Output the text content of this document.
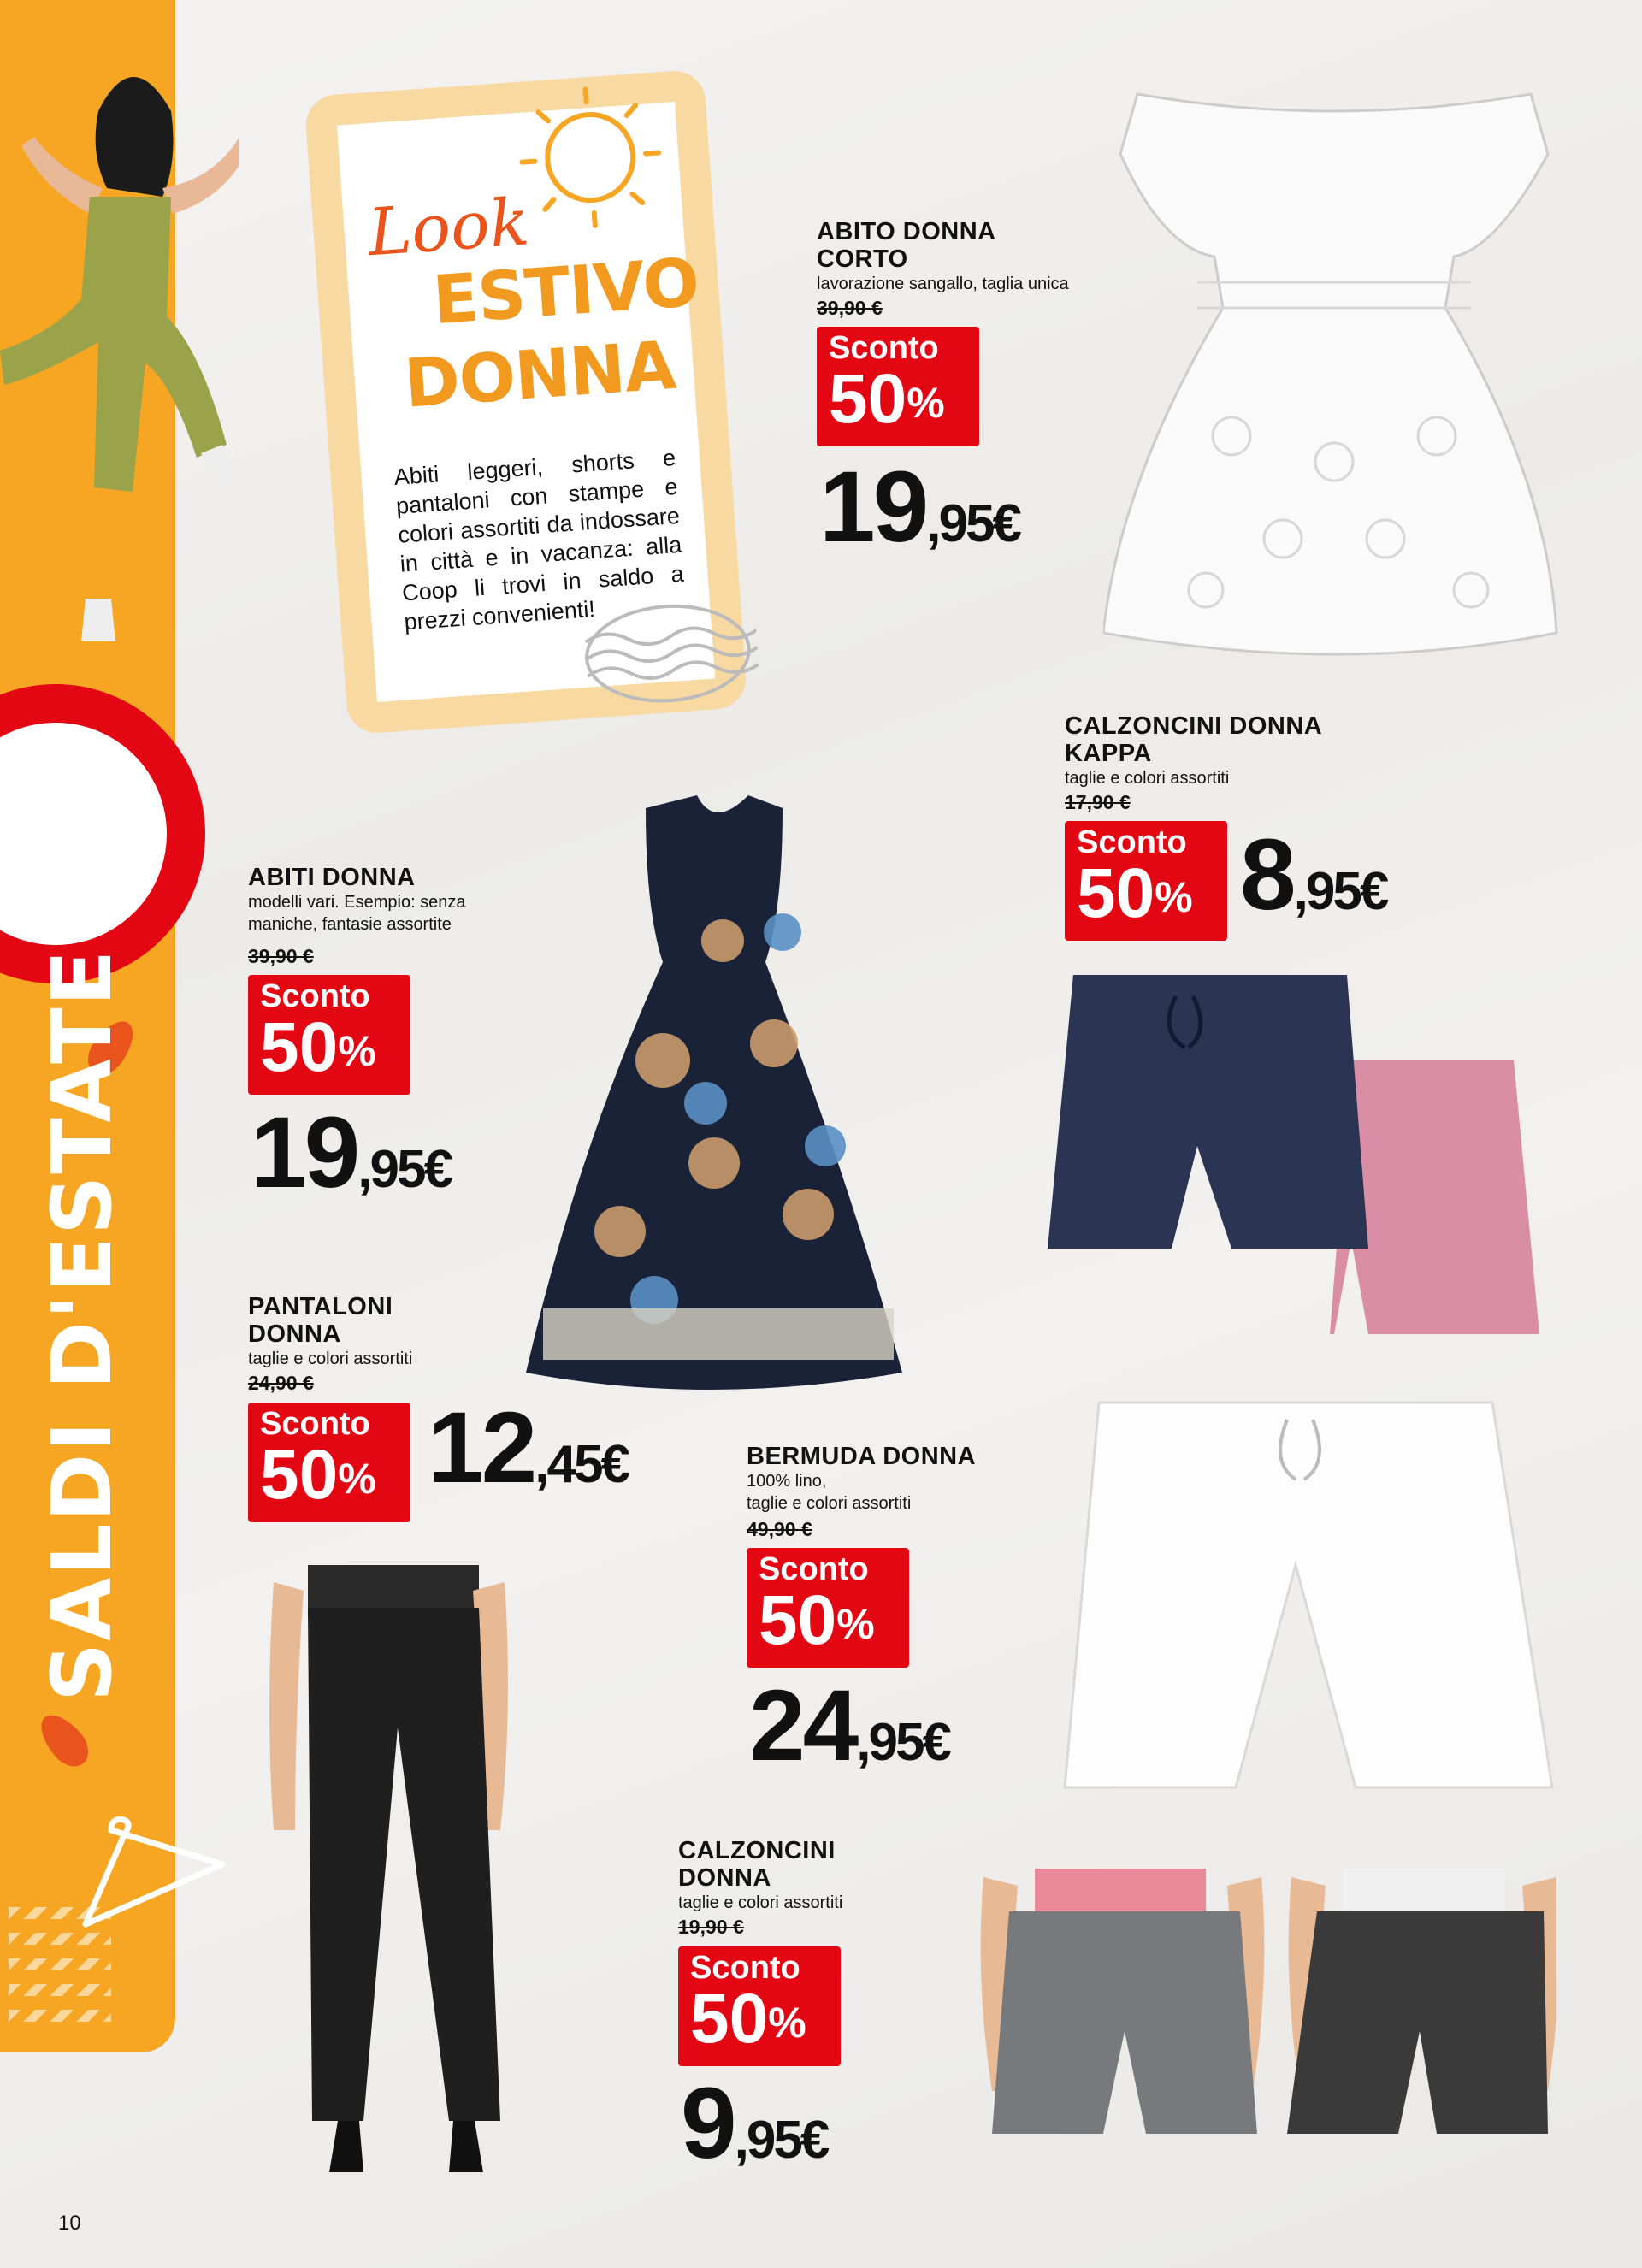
SALDI D'ESTATE
Look
ESTIVO
DONNA
Abiti leggeri, shorts e pantaloni con stampe e colori assortiti da indossare in città e in vacanza: alla Coop li trovi in saldo a prezzi convenienti!
ABITO DONNA
CORTO
lavorazione sangallo, taglia unica
39,90 €
Sconto
50%
19,95€
CALZONCINI DONNA
KAPPA
taglie e colori assortiti
17,90 €
Sconto
50% 8,95€
ABITI DONNA
modelli vari. Esempio: senza
maniche, fantasie assortite
39,90 €
Sconto
50%
19,95€
PANTALONI
DONNA
taglie e colori assortiti
24,90 €
Sconto
50% 12,45€	BERMUDA DONNA
100% lino,
taglie e colori assortiti
49,90 €
Sconto
50%
24,95€
CALZONCINI
DONNA
taglie e colori assortiti
19,90 €
Sconto
50%
9,95€
10
